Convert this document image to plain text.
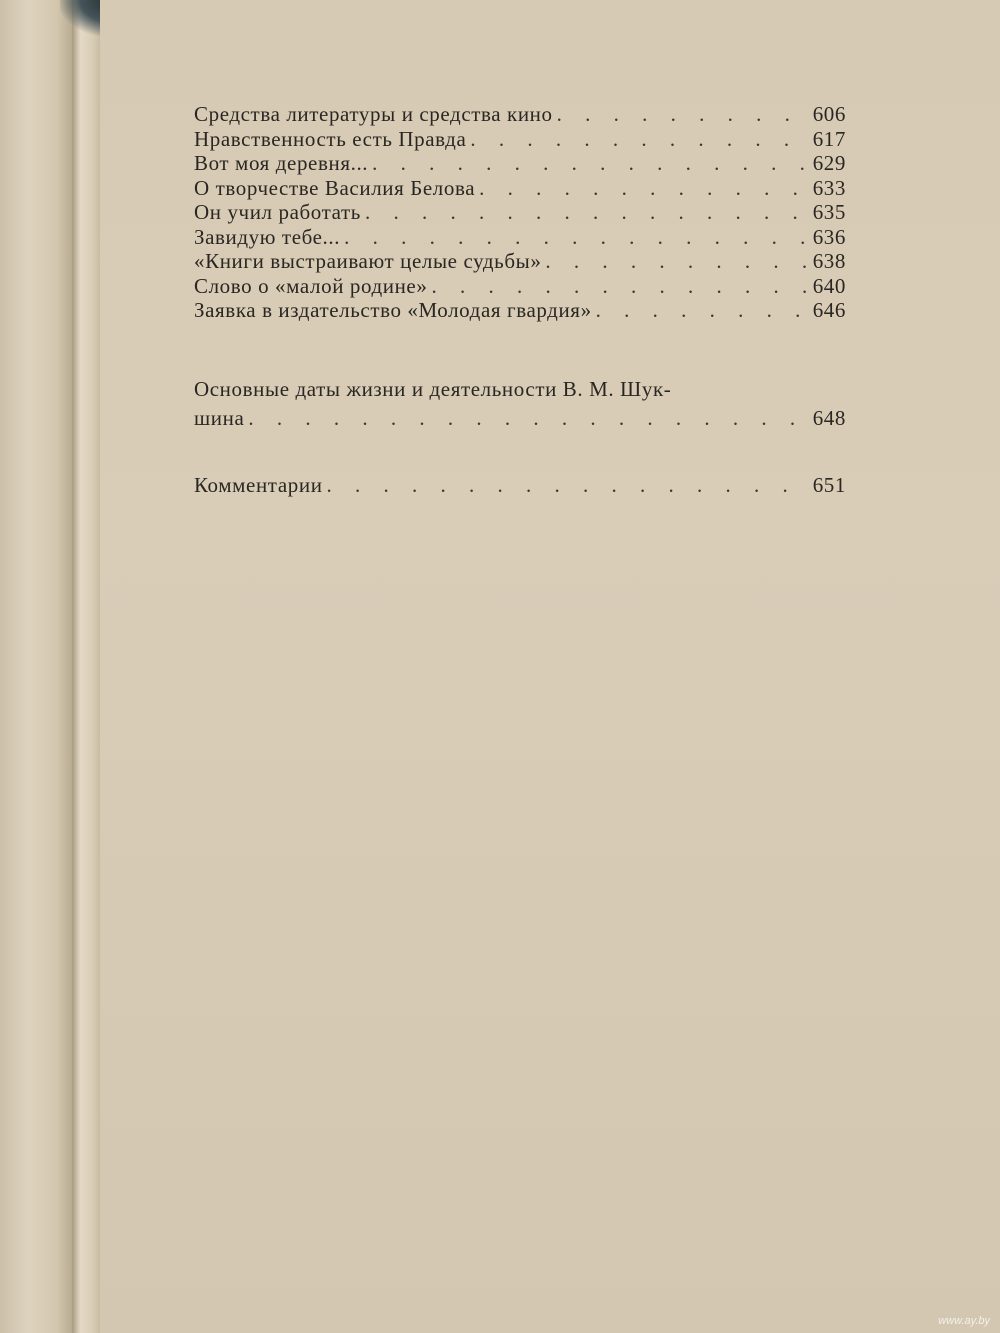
Средства литературы и средства кино . . .	606
Нравственность есть Правда . . .	617
Вот моя деревня... . . .	629
О творчестве Василия Белова . . .	633
Он учил работать . . .	635
Завидую тебе... . . .	636
«Книги выстраивают целые судьбы» . . .	638
Слово о «малой родине» . . .	640
Заявка в издательство «Молодая гвардия» . . .	646
Основные даты жизни и деятельности В. М. Шук-
шина . . .	648
Комментарии . . .	651
www.ay.by
